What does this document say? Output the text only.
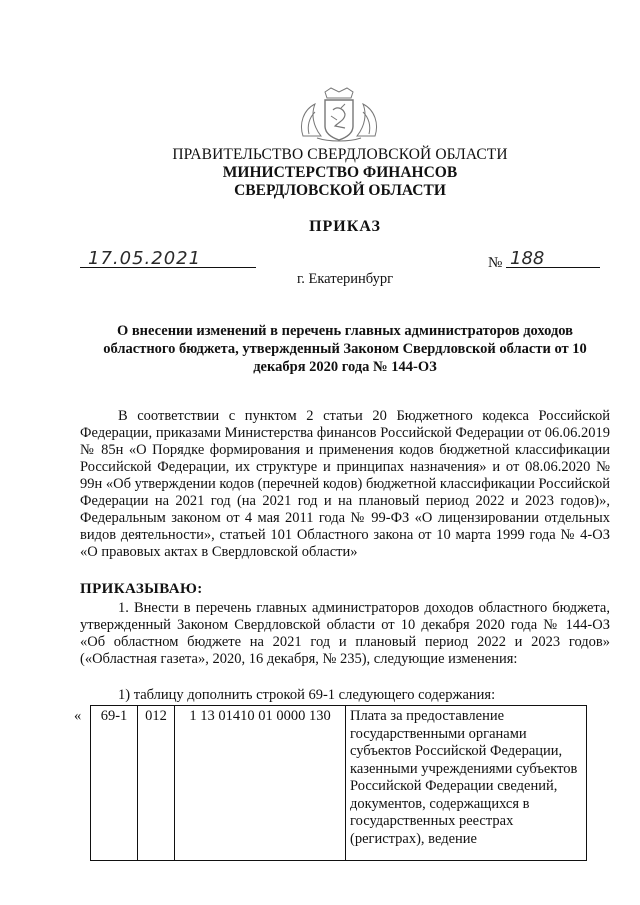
ПРАВИТЕЛЬСТВО СВЕРДЛОВСКОЙ ОБЛАСТИ
МИНИСТЕРСТВО ФИНАНСОВ
СВЕРДЛОВСКОЙ ОБЛАСТИ
ПРИКАЗ
17.05.2021	№ 188
г. Екатеринбург
О внесении изменений в перечень главных администраторов доходов областного бюджета, утвержденный Законом Свердловской области от 10 декабря 2020 года № 144-ОЗ
В соответствии с пунктом 2 статьи 20 Бюджетного кодекса Российской Федерации, приказами Министерства финансов Российской Федерации от 06.06.2019 № 85н «О Порядке формирования и применения кодов бюджетной классификации Российской Федерации, их структуре и принципах назначения» и от 08.06.2020 № 99н «Об утверждении кодов (перечней кодов) бюджетной классификации Российской Федерации на 2021 год (на 2021 год и на плановый период 2022 и 2023 годов)», Федеральным законом от 4 мая 2011 года № 99-ФЗ «О лицензировании отдельных видов деятельности», статьей 101 Областного закона от 10 марта 1999 года № 4-ОЗ «О правовых актах в Свердловской области»
ПРИКАЗЫВАЮ:
1. Внести в перечень главных администраторов доходов областного бюджета, утвержденный Законом Свердловской области от 10 декабря 2020 года № 144-ОЗ «Об областном бюджете на 2021 год и плановый период 2022 и 2023 годов» («Областная газета», 2020, 16 декабря, № 235), следующие изменения:
1) таблицу дополнить строкой 69-1 следующего содержания:
«	69-1	012	1 13 01410 01 0000 130	Плата за предоставление государственными органами субъектов Российской Федерации, казенными учреждениями субъектов Российской Федерации сведений, документов, содержащихся в государственных реестрах (регистрах), ведение
